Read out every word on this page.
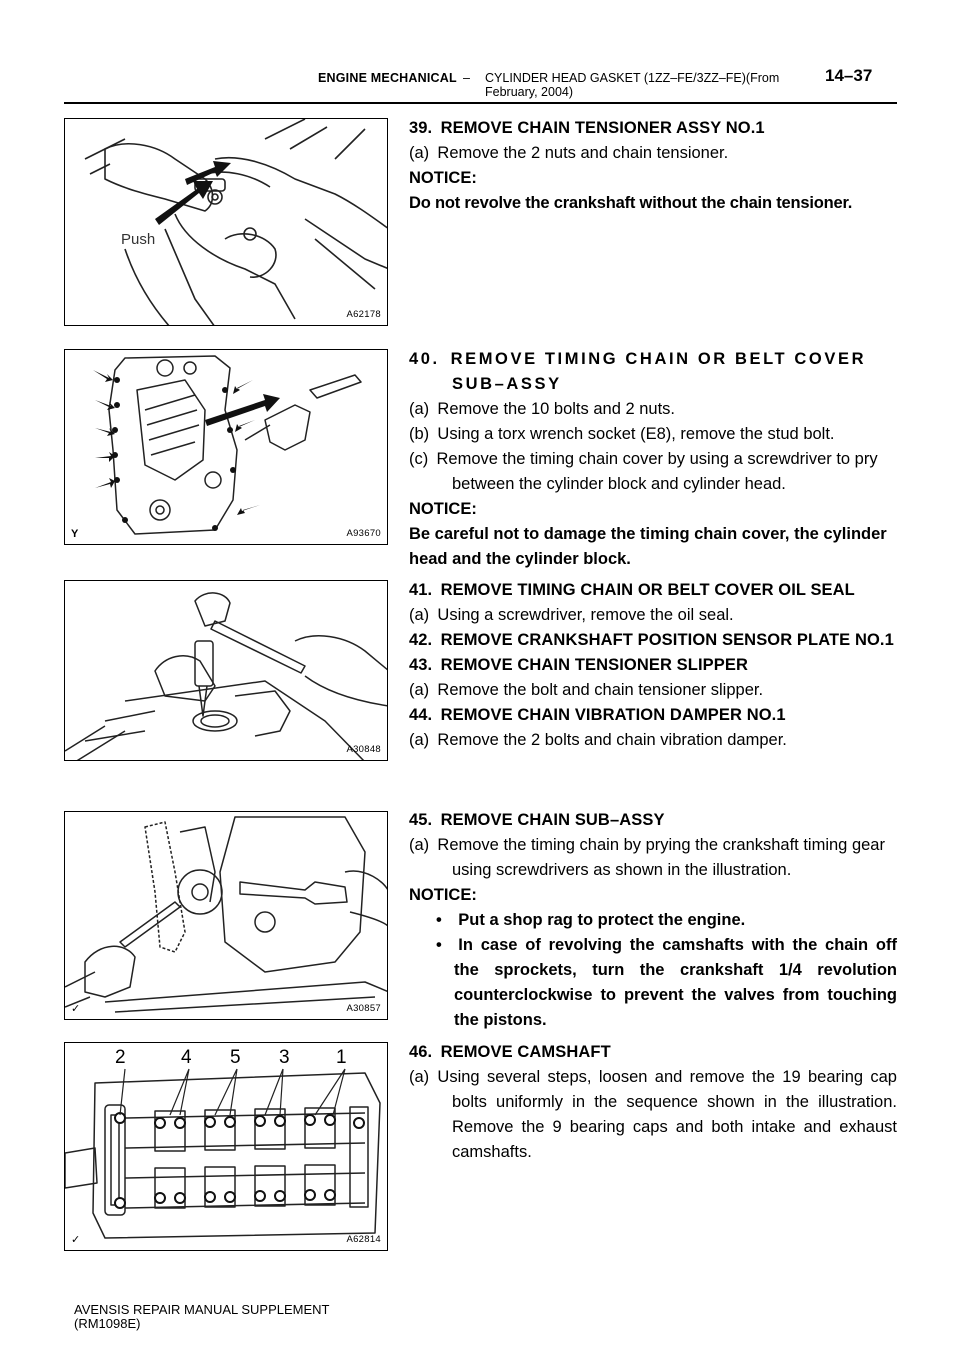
ENGINE MECHANICAL – CYLINDER HEAD GASKET (1ZZ–FE/3ZZ–FE)(From February, 2004)
14–37
Push
A62178
Y	A93670
A30848
✓	A30857
2	4 5 3 1
✓	A62814
39. REMOVE CHAIN TENSIONER ASSY NO.1
(a) Remove the 2 nuts and chain tensioner.
NOTICE:
Do not revolve the crankshaft without the chain tensioner.
40. REMOVE TIMING CHAIN OR BELT COVER SUB–ASSY
(a) Remove the 10 bolts and 2 nuts.
(b) Using a torx wrench socket (E8), remove the stud bolt.
(c) Remove the timing chain cover by using a screwdriver to pry between the cylinder block and cylinder head.
NOTICE:
Be careful not to damage the timing chain cover, the cylinder head and the cylinder block.
41. REMOVE TIMING CHAIN OR BELT COVER OIL SEAL
(a) Using a screwdriver, remove the oil seal.
42. REMOVE CRANKSHAFT POSITION SENSOR PLATE NO.1
43. REMOVE CHAIN TENSIONER SLIPPER
(a) Remove the bolt and chain tensioner slipper.
44. REMOVE CHAIN VIBRATION DAMPER NO.1
(a) Remove the 2 bolts and chain vibration damper.
45. REMOVE CHAIN SUB–ASSY
(a) Remove the timing chain by prying the crankshaft timing gear using screwdrivers as shown in the illustration.
NOTICE:
•  Put a shop rag to protect the engine.
•  In case of revolving the camshafts with the chain off the sprockets, turn the crankshaft 1/4 revolution counterclockwise to prevent the valves from touching the pistons.
46. REMOVE CAMSHAFT
(a) Using several steps, loosen and remove the 19 bearing cap bolts uniformly in the sequence shown in the illustration. Remove the 9 bearing caps and both intake and exhaust camshafts.
AVENSIS REPAIR MANUAL SUPPLEMENT
(RM1098E)
